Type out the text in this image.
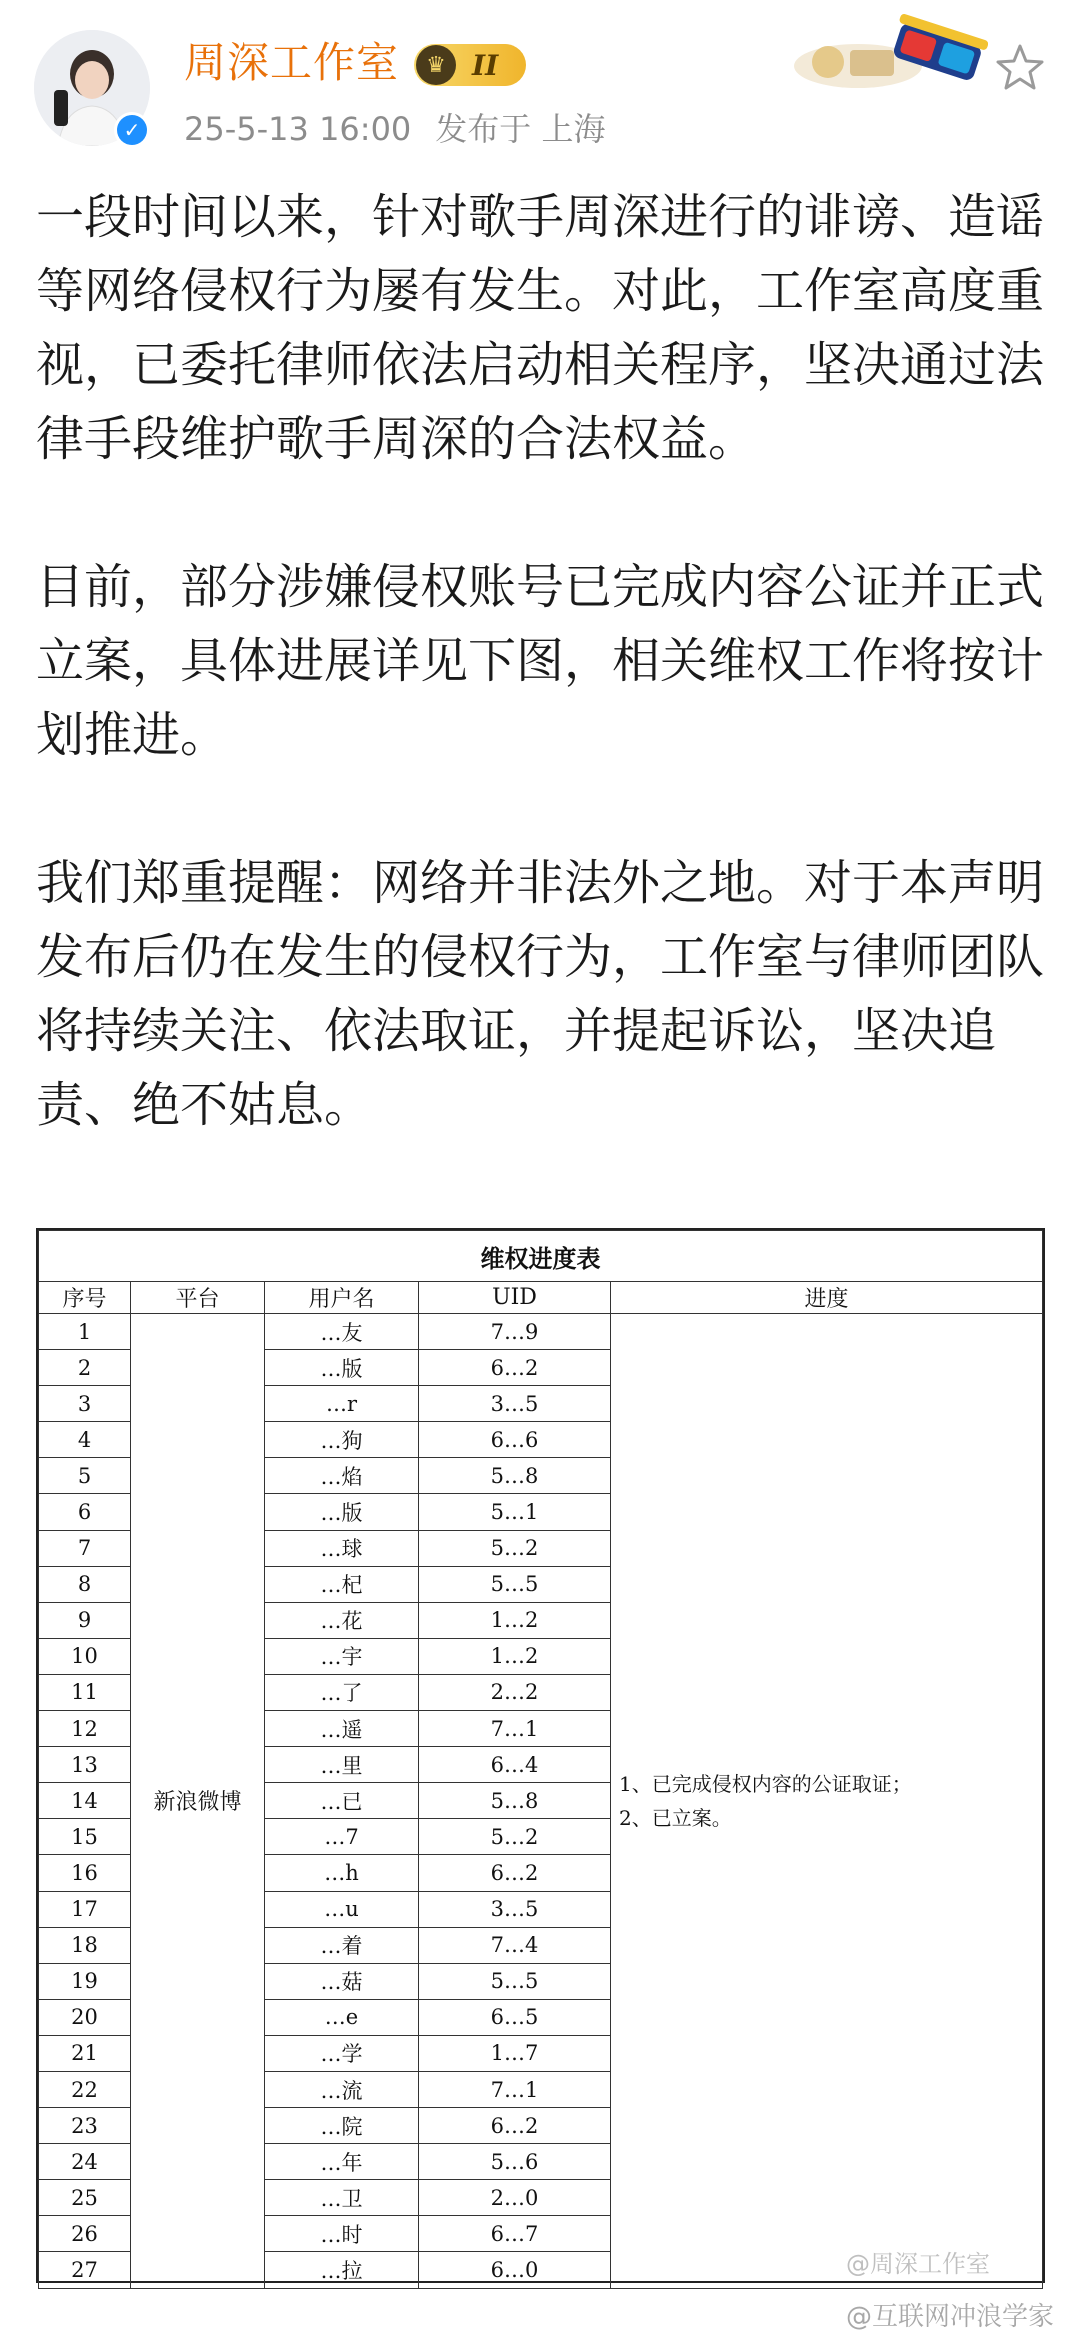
✓
周深工作室	♛ II
25-5-13 16:00 发布于 上海

一段时间以来，针对歌手周深进行的诽谤、造谣等网络侵权行为屡有发生。对此，工作室高度重视，已委托律师依法启动相关程序，坚决通过法律手段维护歌手周深的合法权益。

目前，部分涉嫌侵权账号已完成内容公证并正式立案，具体进展详见下图，相关维权工作将按计划推进。

我们郑重提醒：网络并非法外之地。对于本声明发布后仍在发生的侵权行为，工作室与律师团队将持续关注、依法取证，并提起诉讼，坚决追责、绝不姑息。

维权进度表				
序号	平台	用户名	UID	进度
1	新浪微博	…友	7…9	1、已完成侵权内容的公证取证；
2、已立案。

2		…版	6…2	
3		…r	3…5	
4		…狗	6…6	
5		…焰	5…8	
6		…版	5…1	
7		…球	5…2	
8		…杞	5…5	
9		…花	1…2	
10		…宇	1…2	
11		…了	2…2	
12		…遥	7…1	
13		…里	6…4	
14		…已	5…8	
15		…7	5…2	
16		…h	6…2	
17		…u	3…5	
18		…着	7…4	
19		…菇	5…5	
20		…e	6…5	
21		…学	1…7	
22		…流	7…1	
23		…院	6…2	
24		…年	5…6	
25		…卫	2…0	
26		…时	6…7	
27		…拉	6…0		@周深工作室
@互联网冲浪学家
